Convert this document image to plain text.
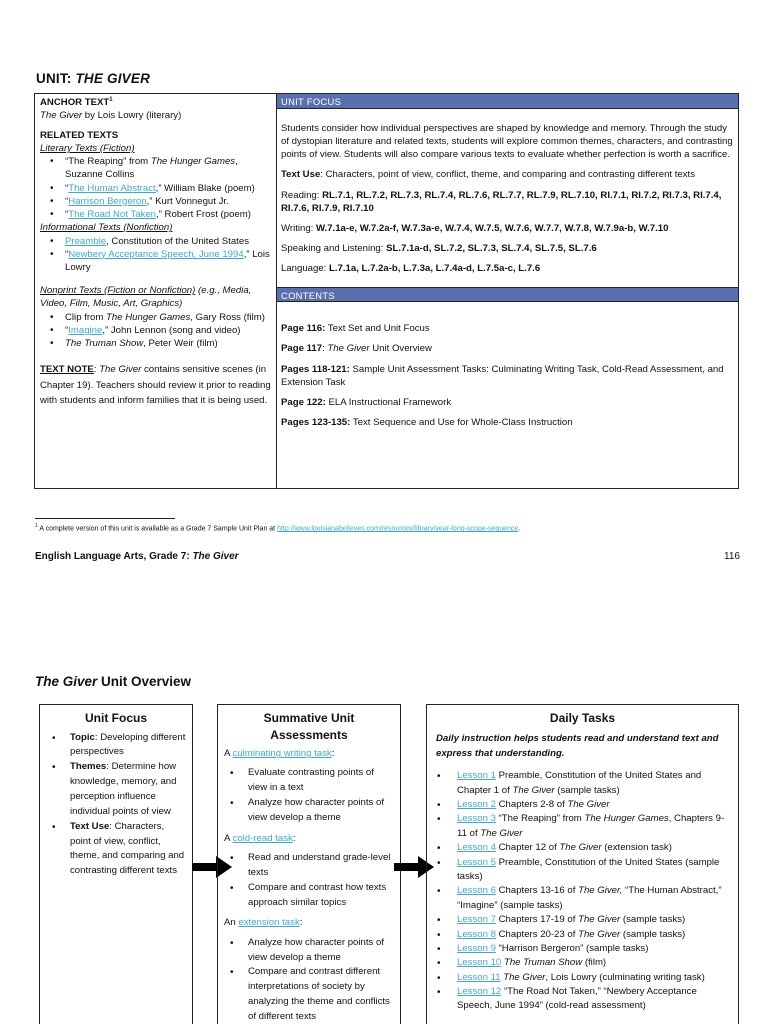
UNIT: THE GIVER
ANCHOR TEXT$^1$
The Giver by Lois Lowry (literary)
RELATED TEXTS
Literary Texts (Fiction)
• “The Reaping” from The Hunger Games, Suzanne Collins
• “The Human Abstract,” William Blake (poem)
• “Harrison Bergeron,” Kurt Vonnegut Jr.
• “The Road Not Taken,” Robert Frost (poem)
Informational Texts (Nonfiction)
• Preamble, Constitution of the United States
• “Newbery Acceptance Speech, June 1994,” Lois Lowry
Nonprint Texts (Fiction or Nonfiction) (e.g., Media, Video, Film, Music, Art, Graphics)
• Clip from The Hunger Games, Gary Ross (film)
• “Imagine,” John Lennon (song and video)
• The Truman Show, Peter Weir (film)
TEXT NOTE: The Giver contains sensitive scenes (in Chapter 19). Teachers should review it prior to reading with students and inform families that it is being used.
UNIT FOCUS
Students consider how individual perspectives are shaped by knowledge and memory. Through the study of dystopian literature and related texts, students will explore common themes, characters, and contrasting points of view. Students will also compare various texts to evaluate whether perfection is worth a sacrifice.
Text Use: Characters, point of view, conflict, theme, and comparing and contrasting different texts
Reading: RL.7.1, RL.7.2, RL.7.3, RL.7.4, RL.7.6, RL.7.7, RL.7.9, RL.7.10, RI.7.1, RI.7.2, RI.7.3, RI.7.4, RI.7.6, RI.7.9, RI.7.10
Writing: W.7.1a-e, W.7.2a-f, W.7.3a-e, W.7.4, W.7.5, W.7.6, W.7.7, W.7.8, W.7.9a-b, W.7.10
Speaking and Listening: SL.7.1a-d, SL.7.2, SL.7.3, SL.7.4, SL.7.5, SL.7.6
Language: L.7.1a, L.7.2a-b, L.7.3a, L.7.4a-d, L.7.5a-c, L.7.6
CONTENTS
Page 116: Text Set and Unit Focus
Page 117: The Giver Unit Overview
Pages 118-121: Sample Unit Assessment Tasks: Culminating Writing Task, Cold-Read Assessment, and Extension Task
Page 122: ELA Instructional Framework
Pages 123-135: Text Sequence and Use for Whole-Class Instruction
$^1$ A complete version of this unit is available as a Grade 7 Sample Unit Plan at http://www.louisianabelieves.com/resources/library/year-long-scope-sequence.
English Language Arts, Grade 7: The Giver	116
The Giver Unit Overview
Unit Focus
• Topic: Developing different perspectives
• Themes: Determine how knowledge, memory, and perception influence individual points of view
• Text Use: Characters, point of view, conflict, theme, and comparing and contrasting different texts
Summative Unit Assessments
A culminating writing task:
• Evaluate contrasting points of view in a text
• Analyze how character points of view develop a theme
A cold-read task:
• Read and understand grade-level texts
• Compare and contrast how texts approach similar topics
An extension task:
• Analyze how character points of view develop a theme
• Compare and contrast different interpretations of society by analyzing the theme and conflicts of different texts
Daily Tasks
Daily instruction helps students read and understand text and express that understanding.
• Lesson 1 Preamble, Constitution of the United States and Chapter 1 of The Giver (sample tasks)
• Lesson 2 Chapters 2-8 of The Giver
• Lesson 3 “The Reaping” from The Hunger Games, Chapters 9-11 of The Giver
• Lesson 4 Chapter 12 of The Giver (extension task)
• Lesson 5 Preamble, Constitution of the United States (sample tasks)
• Lesson 6 Chapters 13-16 of The Giver, “The Human Abstract,” “Imagine” (sample tasks)
• Lesson 7 Chapters 17-19 of The Giver (sample tasks)
• Lesson 8 Chapters 20-23 of The Giver (sample tasks)
• Lesson 9 “Harrison Bergeron” (sample tasks)
• Lesson 10 The Truman Show (film)
• Lesson 11 The Giver, Lois Lowry (culminating writing task)
• Lesson 12 “The Road Not Taken,” “Newbery Acceptance Speech, June 1994” (cold-read assessment)
